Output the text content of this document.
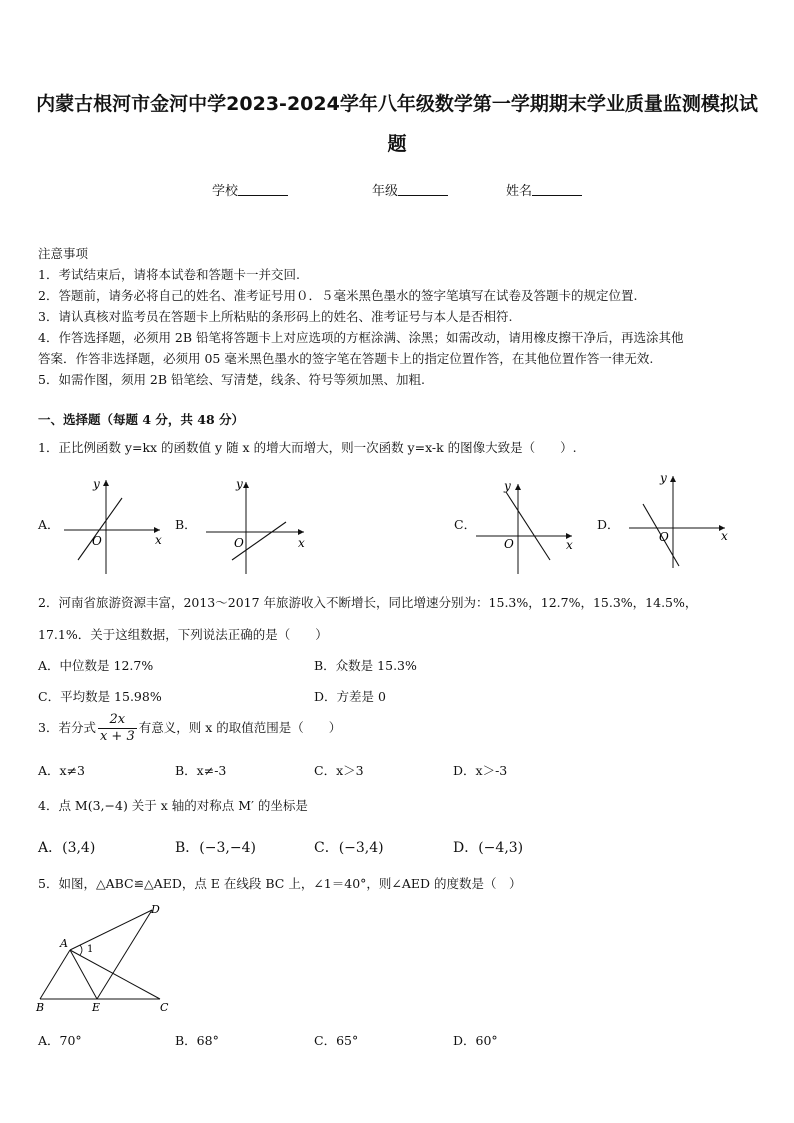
内蒙古根河市金河中学2023-2024学年八年级数学第一学期期末学业质量监测模拟试
题
学校	年级	姓名
注意事项
1．考试结束后，请将本试卷和答题卡一并交回.
2．答题前，请务必将自己的姓名、准考证号用０．５毫米黑色墨水的签字笔填写在试卷及答题卡的规定位置.
3．请认真核对监考员在答题卡上所粘贴的条形码上的姓名、准考证号与本人是否相符.
4．作答选择题，必须用 2B 铅笔将答题卡上对应选项的方框涂满、涂黑；如需改动，请用橡皮擦干净后，再选涂其他
答案．作答非选择题，必须用 05 毫米黑色墨水的签字笔在答题卡上的指定位置作答，在其他位置作答一律无效.
5．如需作图，须用 2B 铅笔绘、写清楚，线条、符号等须加黑、加粗.
一、选择题（每题 4 分，共 48 分）
1．正比例函数 y=kx 的函数值 y 随 x 的增大而增大，则一次函数 y=x-k 的图像大致是（　　）.
A．
y
x
O
B．
y
x
O
C．
y
x
O
D．
y
x
O
2．河南省旅游资源丰富，2013～2017 年旅游收入不断增长，同比增速分别为：15.3%，12.7%，15.3%，14.5%，
17.1%．关于这组数据，下列说法正确的是（　　）
A．中位数是 12.7%	B．众数是 15.3%
C．平均数是 15.98%	D．方差是 0
3．若分式 $\frac{2x}{x + 3}$ 有意义，则 x 的取值范围是（　　）
A．x≠3	B．x≠-3	C．x＞3	D．x＞-3
4．点 M(3,−4) 关于 x 轴的对称点 M′ 的坐标是
A．(3,4)	B．(−3,−4)	C．(−3,4)	D．(−4,3)
5．如图，△ABC≌△AED，点 E 在线段 BC 上，∠1＝40°，则∠AED 的度数是（　）
A
B	C
D
E
1
A．70°	B．68°	C．65°	D．60°
